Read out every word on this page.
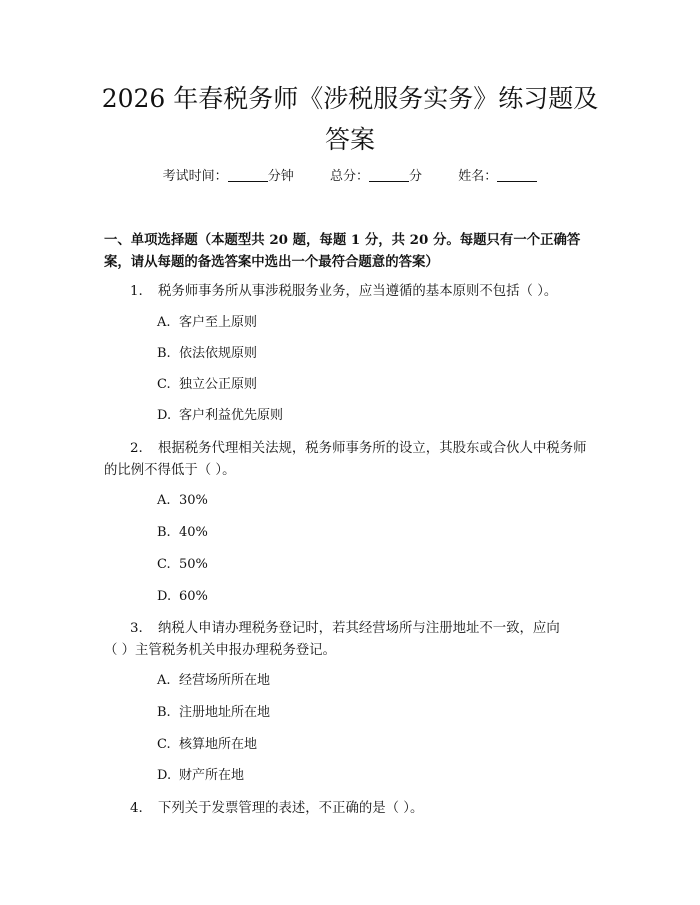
2026 年春税务师《涉税服务实务》练习题及
答案
考试时间：	分钟	总分：	分	姓名：
一、单项选择题（本题型共 20 题，每题 1 分，共 20 分。每题只有一个正确答
案，请从每题的备选答案中选出一个最符合题意的答案）
1. 税务师事务所从事涉税服务业务，应当遵循的基本原则不包括（ ）。
A. 客户至上原则
B. 依法依规原则
C. 独立公正原则
D. 客户利益优先原则
2. 根据税务代理相关法规，税务师事务所的设立，其股东或合伙人中税务师
的比例不得低于（ ）。
A. 30%
B. 40%
C. 50%
D. 60%
3. 纳税人申请办理税务登记时，若其经营场所与注册地址不一致，应向
（ ）主管税务机关申报办理税务登记。
A. 经营场所所在地
B. 注册地址所在地
C. 核算地所在地
D. 财产所在地
4. 下列关于发票管理的表述，不正确的是（ ）。
